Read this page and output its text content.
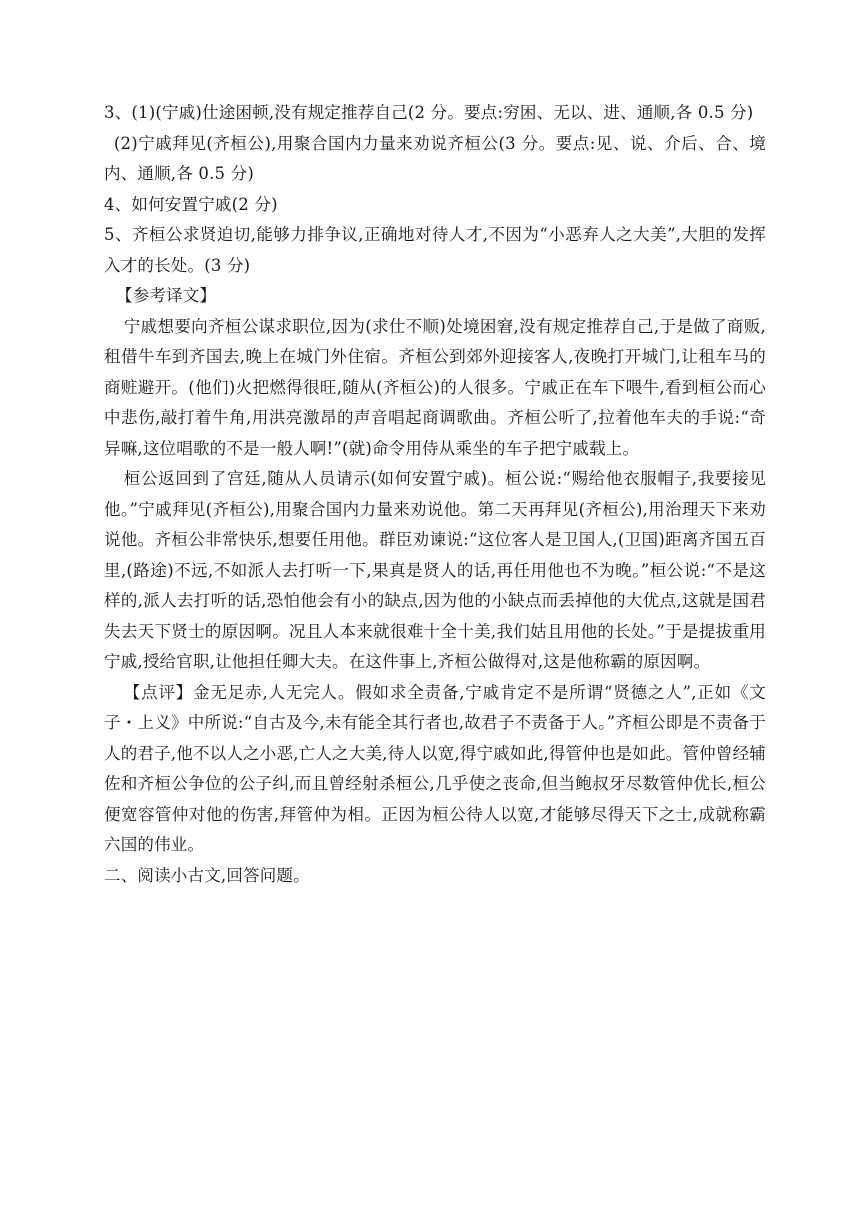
3、(1)(宁戚)仕途困顿,没有规定推荐自己(2 分。要点:穷困、无以、进、通顺,各 0.5 分)

(2)宁戚拜见(齐桓公),用聚合国内力量来劝说齐桓公(3 分。要点:见、说、介后、合、境内、通顺,各 0.5 分)

4、如何安置宁戚(2 分)

5、齐桓公求贤迫切,能够力排争议,正确地对待人才,不因为“小恶弃人之大美”,大胆的发挥入才的长处。(3 分)

【参考译文】

宁戚想要向齐桓公谋求职位,因为(求仕不顺)处境困窘,没有规定推荐自己,于是做了商贩,租借牛车到齐国去,晚上在城门外住宿。齐桓公到郊外迎接客人,夜晚打开城门,让租车马的商赃避开。(他们)火把燃得很旺,随从(齐桓公)的人很多。宁戚正在车下喂牛,看到桓公而心中悲伤,敲打着牛角,用洪亮激昂的声音唱起商调歌曲。齐桓公听了,拉着他车夫的手说:“奇异嘛,这位唱歌的不是一般人啊!”(就)命令用侍从乘坐的车子把宁戚载上。

桓公返回到了宫廷,随从人员请示(如何安置宁戚)。桓公说:“赐给他衣服帽子,我要接见他。”宁戚拜见(齐桓公),用聚合国内力量来劝说他。第二天再拜见(齐桓公),用治理天下来劝说他。齐桓公非常快乐,想要任用他。群臣劝谏说:“这位客人是卫国人,(卫国)距离齐国五百里,(路途)不远,不如派人去打听一下,果真是贤人的话,再任用他也不为晚。”桓公说:“不是这样的,派人去打听的话,恐怕他会有小的缺点,因为他的小缺点而丢掉他的大优点,这就是国君失去天下贤士的原因啊。况且人本来就很难十全十美,我们姑且用他的长处。”于是提拔重用宁戚,授给官职,让他担任卿大夫。在这件事上,齐桓公做得对,这是他称霸的原因啊。

【点评】金无足赤,人无完人。假如求全责备,宁戚肯定不是所谓“贤德之人”,正如《文子・上义》中所说:“自古及今,未有能全其行者也,故君子不责备于人。”齐桓公即是不责备于人的君子,他不以人之小恶,亡人之大美,待人以宽,得宁戚如此,得管仲也是如此。管仲曾经辅佐和齐桓公争位的公子纠,而且曾经射杀桓公,几乎使之丧命,但当鲍叔牙尽数管仲优长,桓公便宽容管仲对他的伤害,拜管仲为相。正因为桓公待人以宽,才能够尽得天下之士,成就称霸六国的伟业。

二、阅读小古文,回答问题。
